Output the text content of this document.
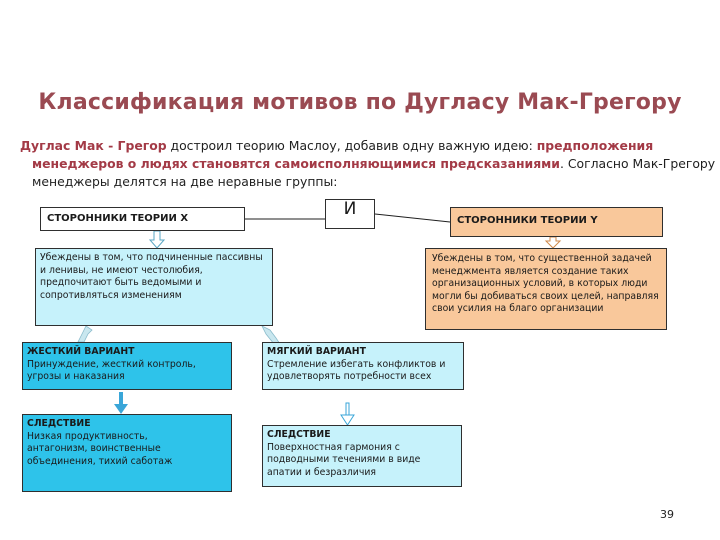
Классификация мотивов по Дугласу Мак-Грегору
Дуглас Мак - Грегор достроил теорию Маслоу, добавив одну важную идею: предположения
менеджеров о людях становятся самоисполняющимися предсказаниями. Согласно Мак-Грегору
менеджеры делятся на две неравные группы:
СТОРОННИКИ ТЕОРИИ Х	И
СТОРОННИКИ ТЕОРИИ Y

Убеждены в том, что подчиненные пассивны

и ленивы, не имеют честолюбия,

предпочитают быть ведомыми и

сопротивляться изменениям

Убеждены в том, что существенной задачей

менеджмента является создание таких

организационных условий, в которых люди

могли бы добиваться своих целей, направляя

свои усилия на благо организации

ЖЕСТКИЙ ВАРИАНТ

Принуждение, жесткий контроль,

угрозы и наказания

МЯГКИЙ ВАРИАНТ

Стремление избегать конфликтов и

удовлетворять потребности всех

СЛЕДСТВИЕ

Низкая продуктивность,

антагонизм, воинственные

объединения, тихий саботаж

СЛЕДСТВИЕ

Поверхностная гармония с

подводными течениями в виде

апатии и безразличия

39
